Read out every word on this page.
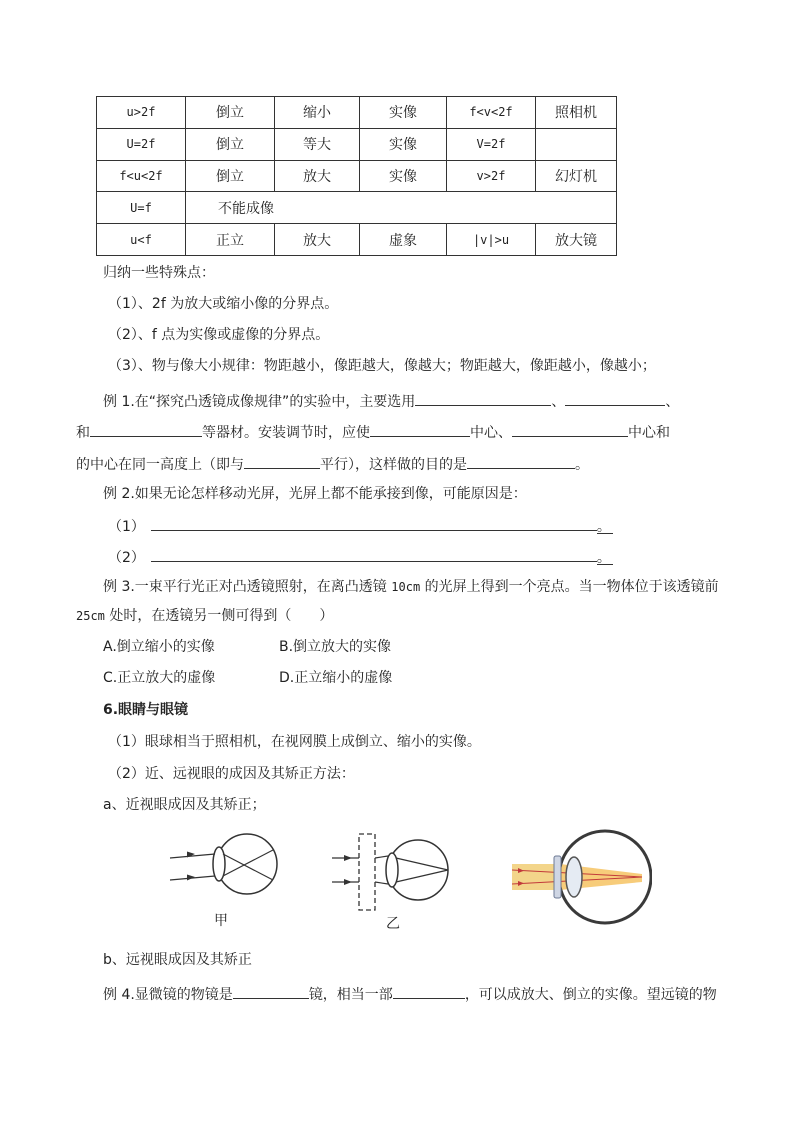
u>2f	倒立	缩小	实像	f<v<2f	照相机
U=2f	倒立	等大	实像	V=2f	
f<u<2f	倒立	放大	实像	v>2f	幻灯机
U=f	不能成像				
u<f	正立	放大	虚象	|v|>u	放大镜
归纳一些特殊点：
（1）、2f 为放大或缩小像的分界点。
（2）、f 点为实像或虚像的分界点。
（3）、物与像大小规律：物距越小，像距越大，像越大；物距越大，像距越小，像越小；
例 1.在“探究凸透镜成像规律”的实验中，主要选用	、	、
和	等器材。安装调节时，应使	中心、	中心和
的中心在同一高度上（即与	平行），这样做的目的是	。
例 2.如果无论怎样移动光屏，光屏上都不能承接到像，可能原因是：
（1）	。
（2）	。
例 3.一束平行光正对凸透镜照射，在离凸透镜 10cm 的光屏上得到一个亮点。当一物体位于该透镜前
25cm 处时，在透镜另一侧可得到（　　）
A.倒立缩小的实像	B.倒立放大的实像
C.正立放大的虚像	D.正立缩小的虚像
6.眼睛与眼镜
（1）眼球相当于照相机，在视网膜上成倒立、缩小的实像。
（2）近、远视眼的成因及其矫正方法：
a、近视眼成因及其矫正；
甲	乙
b、远视眼成因及其矫正
例 4.显微镜的物镜是	镜，相当一部	，可以成放大、倒立的实像。望远镜的物
